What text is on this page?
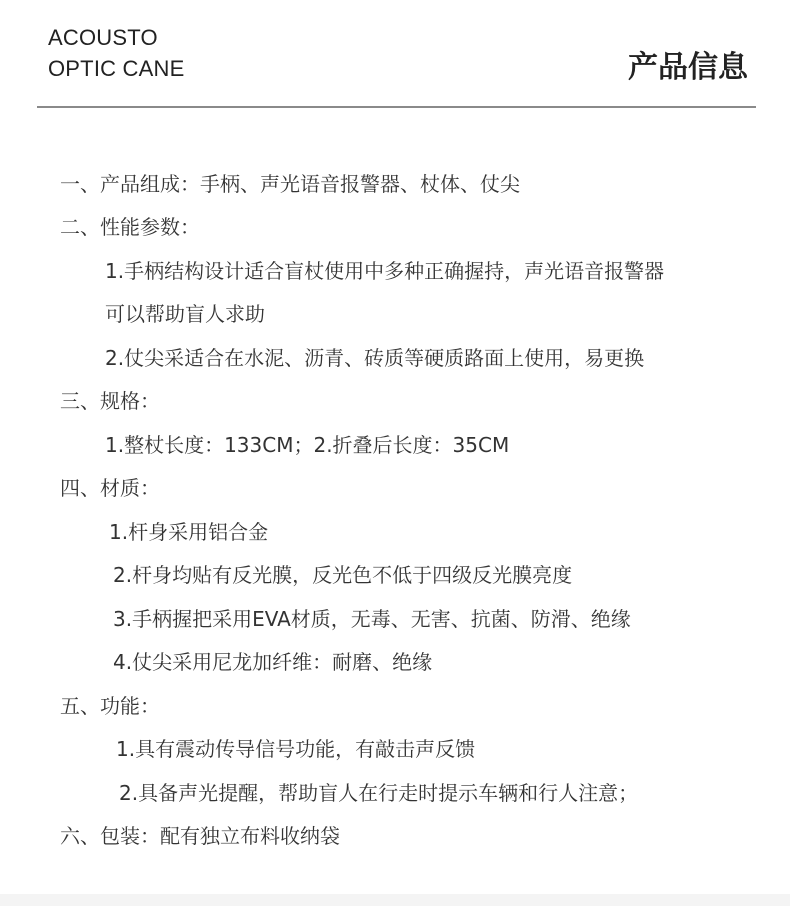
ACOUSTO
OPTIC CANE	产品信息
一、产品组成：手柄、声光语音报警器、杖体、仗尖
二、性能参数：
1.手柄结构设计适合盲杖使用中多种正确握持，声光语音报警器
可以帮助盲人求助
2.仗尖采适合在水泥、沥青、砖质等硬质路面上使用，易更换
三、规格：
1.整杖长度：133CM；2.折叠后长度：35CM
四、材质：
1.杆身采用铝合金
2.杆身均贴有反光膜，反光色不低于四级反光膜亮度
3.手柄握把采用EVA材质，无毒、无害、抗菌、防滑、绝缘
4.仗尖采用尼龙加纤维：耐磨、绝缘
五、功能：
1.具有震动传导信号功能，有敲击声反馈
2.具备声光提醒，帮助盲人在行走时提示车辆和行人注意；
六、包装：配有独立布料收纳袋
